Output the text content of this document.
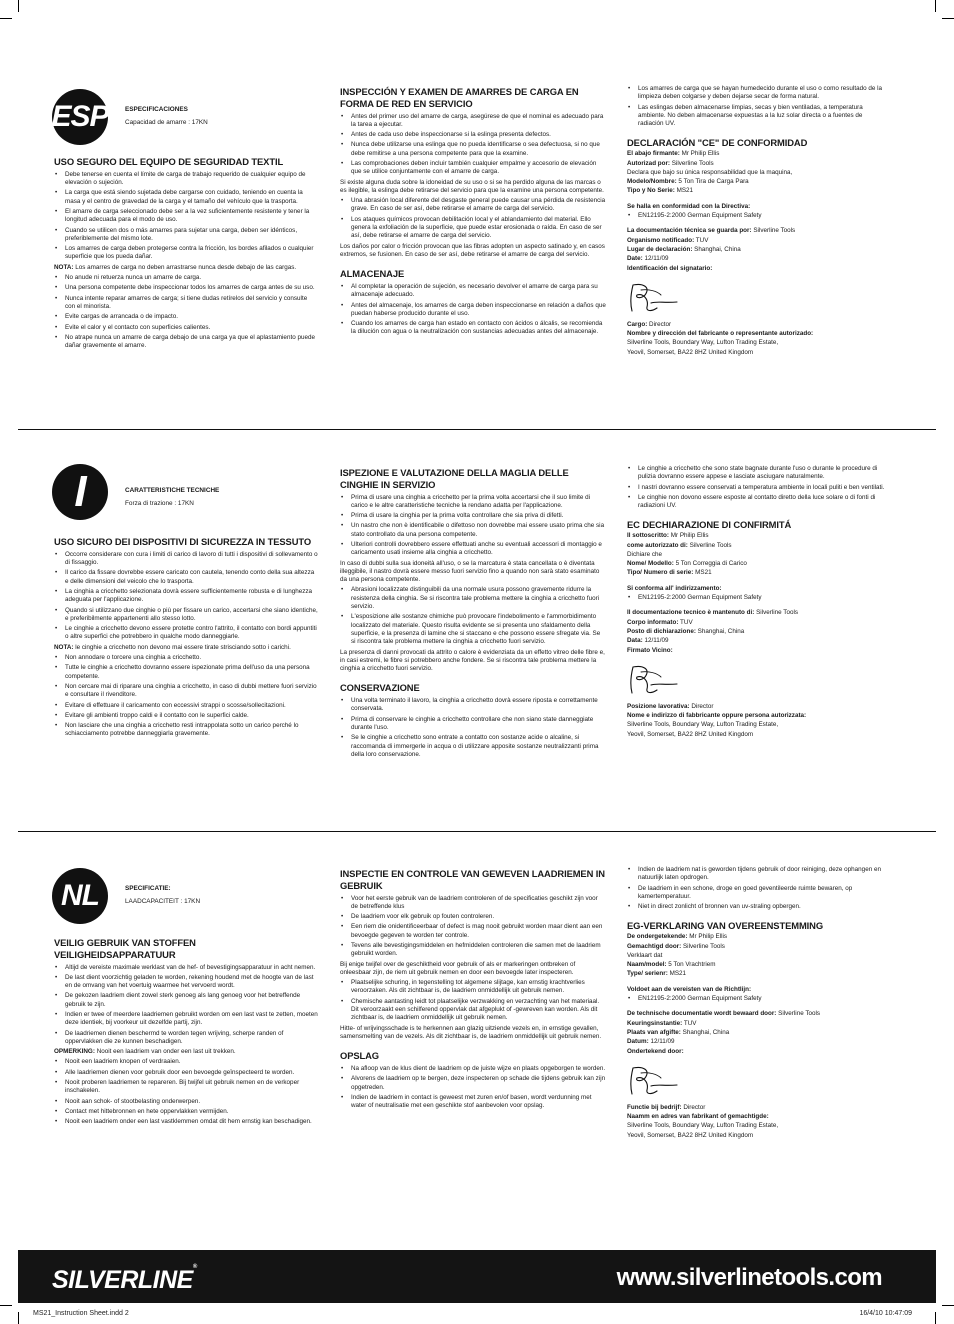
ESP	ESPECIFICACIONES
Capacidad de amarre : 17KN
USO SEGURO DEL EQUIPO DE SEGURIDAD TEXTIL
• Debe tenerse en cuenta el límite de carga de trabajo requerido de cualquier equipo de elevación o sujeción.
• La carga que está siendo sujetada debe cargarse con cuidado, teniendo en cuenta la masa y el centro de gravedad de la carga y el tamaño del vehículo que la trasporta.
• El amarre de carga seleccionado debe ser a la vez suficientemente resistente y tener la longitud adecuada para el modo de uso.
• Cuando se utilicen dos o más amarres para sujetar una carga, deben ser idénticos, preferiblemente del mismo lote.
• Los amarres de carga deben protegerse contra la fricción, los bordes afilados o cualquier superficie que los pueda dañar.
NOTA: Los amarres de carga no deben arrastrarse nunca desde debajo de las cargas.
• No anude ni retuerza nunca un amarre de carga.
• Una persona competente debe inspeccionar todos los amarres de carga antes de su uso.
• Nunca intente reparar amarres de carga; si tiene dudas retírelos del servicio y consulte con el minorista.
• Evite cargas de arrancada o de impacto.
• Evite el calor y el contacto con superficies calientes.
• No atrape nunca un amarre de carga debajo de una carga ya que el aplastamiento puede dañar gravemente el amarre.
INSPECCIÓN Y EXAMEN DE AMARRES DE CARGA EN FORMA DE RED EN SERVICIO
• Antes del primer uso del amarre de carga, asegúrese de que el nominal es adecuado para la tarea a ejecutar.
• Antes de cada uso debe inspeccionarse si la eslinga presenta defectos.
• Nunca debe utilizarse una eslinga que no pueda identificarse o sea defectuosa, si no que debe remitirse a una persona competente para que la examine.
• Las comprobaciones deben incluir también cualquier empalme y accesorio de elevación que se utilice conjuntamente con el amarre de carga.
Si existe alguna duda sobre la idoneidad de su uso o si se ha perdido alguna de las marcas o es ilegible, la eslinga debe retirarse del servicio para que la examine una persona competente.
• Una abrasión local diferente del desgaste general puede causar una pérdida de resistencia grave. En caso de ser así, debe retirarse el amarre de carga del servicio.
• Los ataques químicos provocan debilitación local y el ablandamiento del material. Ello genera la exfoliación de la superficie, que puede estar erosionada o raída. En caso de ser así, debe retirarse el amarre de carga del servicio.
Los daños por calor o fricción provocan que las fibras adopten un aspecto satinado y, en casos extremos, se fusionen. En caso de ser así, debe retirarse el amarre de carga del servicio.
ALMACENAJE
• Al completar la operación de sujeción, es necesario devolver el amarre de carga para su almacenaje adecuado.
• Antes del almacenaje, los amarres de carga deben inspeccionarse en relación a daños que puedan haberse producido durante el uso.
• Cuando los amarres de carga han estado en contacto con ácidos o álcalis, se recomienda la dilución con agua o la neutralización con sustancias adecuadas antes del almacenaje.
• Los amarres de carga que se hayan humedecido durante el uso o como resultado de la limpieza deben colgarse y deben dejarse secar de forma natural.
• Las eslingas deben almacenarse limpias, secas y bien ventiladas, a temperatura ambiente. No deben almacenarse expuestas a la luz solar directa o a fuentes de radiación UV.
DECLARACIÓN "CE" DE CONFORMIDAD
El abajo firmante: Mr Philip Ellis
Autorizad por: Silverline Tools
Declara que bajo su única responsabilidad que la maquina,
Modelo/Nombre: 5 Ton Tira de Carga Para
Tipo y No Serie: MS21
Se halla en conformidad con la Directiva:
• EN12195-2:2000 German Equipment Safety
La documentación técnica se guarda por: Silverline Tools
Organismo notificado: TUV
Lugar de declaración: Shanghai, China
Date: 12/11/09
Identificación del signatario:
Cargo: Director
Nombre y dirección del fabricante o representante autorizado:
Silverline Tools, Boundary Way, Lufton Trading Estate,
Yeovil, Somerset, BA22 8HZ United Kingdom
I	CARATTERISTICHE TECNICHE
Forza di trazione : 17KN
USO SICURO DEI DISPOSITIVI DI SICUREZZA IN TESSUTO
• Occorre considerare con cura i limiti di carico di lavoro di tutti i dispositivi di sollevamento o di fissaggio.
• Il carico da fissare dovrebbe essere caricato con cautela, tenendo conto della sua altezza e delle dimensioni del veicolo che lo trasporta.
• La cinghia a cricchetto selezionata dovrà essere sufficientemente robusta e di lunghezza adeguata per l'applicazione.
• Quando si utilizzano due cinghie o più per fissare un carico, accertarsi che siano identiche, e preferibilmente appartenenti allo stesso lotto.
• Le cinghie a cricchetto devono essere protette contro l'attrito, il contatto con bordi appuntiti o altre superfici che potrebbero in qualche modo danneggiarle.
NOTA: le cinghie a cricchetto non devono mai essere tirate strisciando sotto i carichi.
• Non annodare o torcere una cinghia a cricchetto.
• Tutte le cinghie a cricchetto dovranno essere ispezionate prima dell'uso da una persona competente.
• Non cercare mai di riparare una cinghia a cricchetto, in caso di dubbi mettere fuori servizio e consultare il rivenditore.
• Evitare di effettuare il caricamento con eccessivi strappi o scosse/sollecitazioni.
• Evitare gli ambienti troppo caldi e il contatto con le superfici calde.
• Non lasciare che una cinghia a cricchetto resti intrappolata sotto un carico perché lo schiacciamento potrebbe danneggiarla gravemente.
ISPEZIONE E VALUTAZIONE DELLA MAGLIA DELLE CINGHIE IN SERVIZIO
• Prima di usare una cinghia a cricchetto per la prima volta accertarsi che il suo limite di carico e le altre caratteristiche tecniche la rendano adatta per l'applicazione.
• Prima di usare la cinghia per la prima volta controllare che sia priva di difetti.
• Un nastro che non è identificabile o difettoso non dovrebbe mai essere usato prima che sia stato controllato da una persona competente.
• Ulteriori controlli dovrebbero essere effettuati anche su eventuali accessori di montaggio e caricamento usati insieme alla cinghia a cricchetto.
In caso di dubbi sulla sua idoneità all'uso, o se la marcatura è stata cancellata o è diventata illeggibile, il nastro dovrà essere messo fuori servizio fino a quando non sarà stato esaminato da una persona competente.
• Abrasioni localizzate distinguibili da una normale usura possono gravemente ridurre la resistenza della cinghia. Se si riscontra tale problema mettere la cinghia a cricchetto fuori servizio.
• L'esposizione alle sostanze chimiche può provocare l'indebolimento e l'ammorbidimento localizzato del materiale. Questo risulta evidente se si presenta uno sfaldamento della superficie, e la presenza di lamine che si staccano e che possono essere sfregate via. Se si riscontra tale problema mettere la cinghia a cricchetto fuori servizio.
La presenza di danni provocati da attrito o calore è evidenziata da un effetto vitreo delle fibre e, in casi estremi, le fibre si potrebbero anche fondere. Se si riscontra tale problema mettere la cinghia a cricchetto fuori servizio.
CONSERVAZIONE
• Una volta terminato il lavoro, la cinghia a cricchetto dovrà essere riposta e correttamente conservata.
• Prima di conservare le cinghie a cricchetto controllare che non siano state danneggiate durante l'uso.
• Se le cinghie a cricchetto sono entrate a contatto con sostanze acide o alcaline, si raccomanda di immergerle in acqua o di utilizzare apposite sostanze neutralizzanti prima della loro conservazione.
• Le cinghie a cricchetto che sono state bagnate durante l'uso o durante le procedure di pulizia dovranno essere appese e lasciate asciugare naturalmente.
• I nastri dovranno essere conservati a temperatura ambiente in locali puliti e ben ventilati.
• Le cinghie non dovono essere esposte al contatto diretto della luce solare o di fonti di radiazioni UV.
EC DECHIARAZIONE DI CONFIRMITÁ
Il sottoscritto: Mr Philip Ellis
come autorizzato di: Silverline Tools
Dichiare che
Nome/ Modello: 5 Ton Correggia di Carico
Tipo/ Numero di serie: MS21
Si conforma all' indirizzamento:
• EN12195-2:2000 German Equipment Safety
Il documentazione tecnico è mantenuto di: Silverline Tools
Corpo informato: TUV
Posto di dichiarazione: Shanghai, China
Data: 12/11/09
Firmato Vicino:
Posizione lavorativa: Director
Nome e indirizzo di fabbricante oppure persona autorizzata:
Silverline Tools, Boundary Way, Lufton Trading Estate,
Yeovil, Somerset, BA22 8HZ United Kingdom
NL	SPECIFICATIE:
LAADCAPACITEIT : 17KN
VEILIG GEBRUIK VAN STOFFEN VEILIGHEIDSAPPARATUUR
• Altijd de vereiste maximale werklast van de hef- of bevestigingsapparatuur in acht nemen.
• De last dient voorzichtig geladen te worden, rekening houdend met de hoogte van de last en de omvang van het voertuig waarmee het vervoerd wordt.
• De gekozen laadriem dient zowel sterk genoeg als lang genoeg voor het betreffende gebruik te zijn.
• Indien er twee of meerdere laadriemen gebruikt worden om een last vast te zetten, moeten deze identiek, bij voorkeur uit dezelfde partij, zijn.
• De laadriemen dienen beschermd te worden tegen wrijving, scherpe randen of oppervlakken die ze kunnen beschadigen.
OPMERKING: Nooit een laadriem van onder een last uit trekken.
• Nooit een laadriem knopen of verdraaien.
• Alle laadriemen dienen voor gebruik door een bevoegde geïnspecteerd te worden.
• Nooit proberen laadriemen te repareren. Bij twijfel uit gebruik nemen en de verkoper inschakelen.
• Nooit aan schok- of stootbelasting onderwerpen.
• Contact met hittebronnen en hete oppervlakken vermijden.
• Nooit een laadriem onder een last vastklemmen omdat dit hem ernstig kan beschadigen.
INSPECTIE EN CONTROLE VAN GEWEVEN LAADRIEMEN IN GEBRUIK
• Voor het eerste gebruik van de laadriem controleren of de specificaties geschikt zijn voor de betreffende klus
• De laadriem voor elk gebruik op fouten controleren.
• Een riem die onidentificeerbaar of defect is mag nooit gebruikt worden maar dient aan een bevoegde gegeven te worden ter controle.
• Tevens alle bevestigingsmiddelen en hefmiddelen controleren die samen met de laadriem gebruikt worden.
Bij enige twijfel over de geschiktheid voor gebruik of als er markeringen ontbreken of onleesbaar zijn, de riem uit gebruik nemen en door een bevoegde later inspecteren.
• Plaatselijke schuring, in tegenstelling tot algemene slijtage, kan ernstig krachtverlies veroorzaken. Als dit zichtbaar is, de laadriem onmiddellijk uit gebruik nemen.
• Chemische aantasting leidt tot plaatselijke verzwakking en verzachting van het materiaal. Dit veroorzaakt een schilferend oppervlak dat afgeplukt of -gewreven kan worden. Als dit zichtbaar is, de laadriem onmiddellijk uit gebruik nemen.
Hitte- of wrijvingsschade is te herkennen aan glazig uitziende vezels en, in ernstige gevallen, samensmelting van de vezels. Als dit zichtbaar is, de laadriem onmiddellijk uit gebruik nemen.
OPSLAG
• Na afloop van de klus dient de laadriem op de juiste wijze en plaats opgeborgen te worden.
• Alvorens de laadriem op te bergen, deze inspecteren op schade die tijdens gebruik kan zijn opgetreden.
• Indien de laadriem in contact is geweest met zuren en/of basen, wordt verdunning met water of neutralisatie met een geschikte stof aanbevolen voor opslag.
• Indien de laadriem nat is geworden tijdens gebruik of door reiniging, deze ophangen en natuurlijk laten opdrogen.
• De laadriem in een schone, droge en goed geventileerde ruimte bewaren, op kamertemperatuur.
• Niet in direct zonlicht of bronnen van uv-straling opbergen.
EG-VERKLARING VAN OVEREENSTEMMING
De ondergetekende: Mr Philip Ellis
Gemachtigd door: Silverline Tools
Verklaart dat
Naam/model: 5 Ton Vrachtriem
Type/ serienr: MS21
Voldoet aan de vereisten van de Richtlijn:
• EN12195-2:2000 German Equipment Safety
De technische documentatie wordt bewaard door: Silverline Tools
Keuringsinstantie: TUV
Plaats van afgifte: Shanghai, China
Datum: 12/11/09
Ondertekend door:
Functie bij bedrijf: Director
Naamm en adres van fabrikant of gemachtigde:
Silverline Tools, Boundary Way, Lufton Trading Estate,
Yeovil, Somerset, BA22 8HZ United Kingdom
SILVERLINE®	www.silverlinetools.com
MS21_Instruction Sheet.indd 2	16/4/10 10:47:09
